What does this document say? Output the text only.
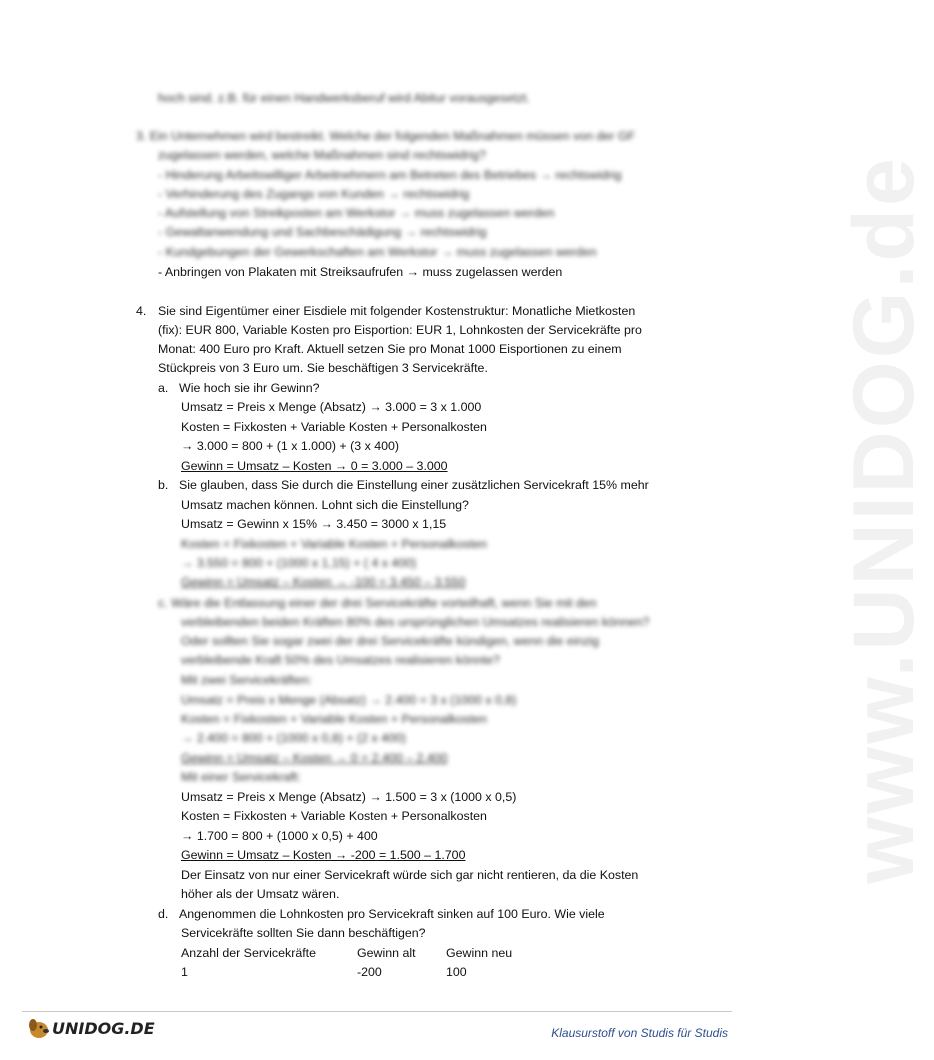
www.UNIDOG.de
hoch sind. z.B. für einen Handwerksberuf wird Abitur vorausgesetzt.
3. Ein Unternehmen wird bestreikt. Welche der folgenden Maßnahmen müssen von der GF
zugelassen werden, welche Maßnahmen sind rechtswidrig?
- Hinderung Arbeitswilliger Arbeitnehmern am Betreten des Betriebes → rechtswidrig
- Verhinderung des Zugangs von Kunden → rechtswidrig
- Aufstellung von Streikposten am Werkstor → muss zugelassen werden
- Gewaltanwendung und Sachbeschädigung → rechtswidrig
- Kundgebungen der Gewerkschaften am Werkstor → muss zugelassen werden
- Anbringen von Plakaten mit Streiksaufrufen → muss zugelassen werden
4. Sie sind Eigentümer einer Eisdiele mit folgender Kostenstruktur: Monatliche Mietkosten
(fix): EUR 800, Variable Kosten pro Eisportion: EUR 1, Lohnkosten der Servicekräfte pro
Monat: 400 Euro pro Kraft. Aktuell setzen Sie pro Monat 1000 Eisportionen zu einem
Stückpreis von 3 Euro um. Sie beschäftigen 3 Servicekräfte.
a. Wie hoch sie ihr Gewinn?
Umsatz = Preis x Menge (Absatz) → 3.000 = 3 x 1.000
Kosten = Fixkosten + Variable Kosten + Personalkosten
→ 3.000 = 800 + (1 x 1.000) + (3 x 400)
Gewinn = Umsatz – Kosten → 0 = 3.000 – 3.000
b. Sie glauben, dass Sie durch die Einstellung einer zusätzlichen Servicekraft 15% mehr
Umsatz machen können. Lohnt sich die Einstellung?
Umsatz = Gewinn x 15% → 3.450 = 3000 x 1,15
Kosten = Fixkosten + Variable Kosten + Personalkosten
→ 3.550 = 800 + (1000 x 1,15) + ( 4 x 400)
Gewinn = Umsatz – Kosten → -100 = 3.450 – 3.550
c. Wäre die Entlassung einer der drei Servicekräfte vorteilhaft, wenn Sie mit den
verbleibenden beiden Kräften 80% des ursprünglichen Umsatzes realisieren können?
Oder sollten Sie sogar zwei der drei Servicekräfte kündigen, wenn die einzig
verbleibende Kraft 50% des Umsatzes realisieren könnte?
Mit zwei Servicekräften:
Umsatz = Preis x Menge (Absatz) → 2.400 = 3 x (1000 x 0,8)
Kosten = Fixkosten + Variable Kosten + Personalkosten
→ 2.400 = 800 + (1000 x 0,8) + (2 x 400)
Gewinn = Umsatz – Kosten → 0 = 2.400 – 2.400
Mit einer Servicekraft:
Umsatz = Preis x Menge (Absatz) → 1.500 = 3 x (1000 x 0,5)
Kosten = Fixkosten + Variable Kosten + Personalkosten
→ 1.700 = 800 + (1000 x 0,5) + 400
Gewinn = Umsatz – Kosten → -200 = 1.500 – 1.700
Der Einsatz von nur einer Servicekraft würde sich gar nicht rentieren, da die Kosten
höher als der Umsatz wären.
d. Angenommen die Lohnkosten pro Servicekraft sinken auf 100 Euro. Wie viele
Servicekräfte sollten Sie dann beschäftigen?
Anzahl der Servicekräfte	Gewinn alt Gewinn neu
1	-200	100
UNIDOG.DE	Klausurstoff von Studis für Studis
